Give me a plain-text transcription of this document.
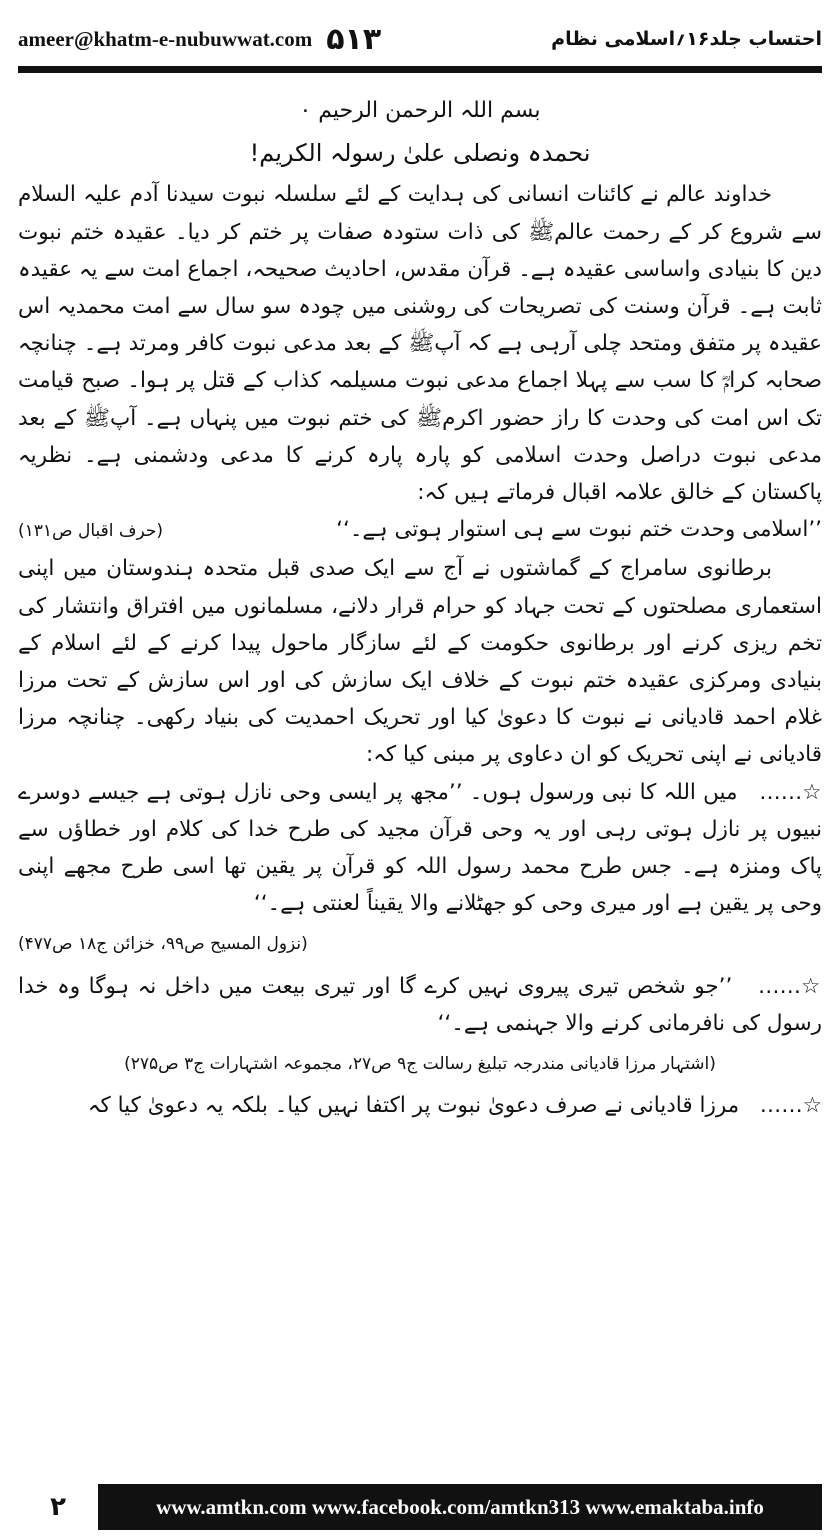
ameer@khatm-e-nubuwwat.com ۵۱۳	احتساب جلد۱۶؍اسلامی نظام

بسم اللہ الرحمن الرحیم ٠

نحمدہ ونصلی علیٰ رسولہ الکریم!

خداوند عالم نے کائنات انسانی کی ہدایت کے لئے سلسلہ نبوت سیدنا آدم علیہ السلام سے شروع کر کے رحمت عالمﷺ کی ذات ستودہ صفات پر ختم کر دیا۔ عقیدہ ختم نبوت دین کا بنیادی واساسی عقیدہ ہے۔ قرآن مقدس، احادیث صحیحہ، اجماع امت سے یہ عقیدہ ثابت ہے۔ قرآن وسنت کی تصریحات کی روشنی میں چودہ سو سال سے امت محمدیہ اس عقیدہ پر متفق ومتحد چلی آرہی ہے کہ آپﷺ کے بعد مدعی نبوت کافر ومرتد ہے۔ چنانچہ صحابہ کرامؓ کا سب سے پہلا اجماع مدعی نبوت مسیلمہ کذاب کے قتل پر ہوا۔ صبح قیامت تک اس امت کی وحدت کا راز حضور اکرمﷺ کی ختم نبوت میں پنہاں ہے۔ آپﷺ کے بعد مدعی نبوت دراصل وحدت اسلامی کو پارہ پارہ کرنے کا مدعی ودشمنی ہے۔ نظریہ پاکستان کے خالق علامہ اقبال فرماتے ہیں کہ:

’’اسلامی وحدت ختم نبوت سے ہی استوار ہوتی ہے۔‘‘
(حرف اقبال ص۱۳۱)

برطانوی سامراج کے گماشتوں نے آج سے ایک صدی قبل متحدہ ہندوستان میں اپنی استعماری مصلحتوں کے تحت جہاد کو حرام قرار دلانے، مسلمانوں میں افتراق وانتشار کی تخم ریزی کرنے اور برطانوی حکومت کے لئے سازگار ماحول پیدا کرنے کے لئے اسلام کے بنیادی ومرکزی عقیدہ ختم نبوت کے خلاف ایک سازش کی اور اس سازش کے تحت مرزا غلام احمد قادیانی نے نبوت کا دعویٰ کیا اور تحریک احمدیت کی بنیاد رکھی۔ چنانچہ مرزا قادیانی نے اپنی تحریک کو ان دعاوی پر مبنی کیا کہ:

☆……   میں اللہ کا نبی ورسول ہوں۔ ’’مجھ پر ایسی وحی نازل ہوتی ہے جیسے دوسرے نبیوں پر نازل ہوتی رہی اور یہ وحی قرآن مجید کی طرح خدا کی کلام اور خطاؤں سے پاک ومنزہ ہے۔ جس طرح محمد رسول اللہ کو قرآن پر یقین تھا اسی طرح مجھے اپنی وحی پر یقین ہے اور میری وحی کو جھٹلانے والا یقیناً لعنتی ہے۔‘‘

(نزول المسیح ص۹۹، خزائن ج۱۸ ص۴۷۷)

☆……   ’’جو شخص تیری پیروی نہیں کرے گا اور تیری بیعت میں داخل نہ ہوگا وہ خدا رسول کی نافرمانی کرنے والا جہنمی ہے۔‘‘

(اشتہار مرزا قادیانی مندرجہ تبلیغ رسالت ج۹ ص۲۷، مجموعہ اشتہارات ج۳ ص۲۷۵)

☆……   مرزا قادیانی نے صرف دعویٰ نبوت پر اکتفا نہیں کیا۔ بلکہ یہ دعویٰ کیا کہ

۲	www.amtkn.com www.facebook.com/amtkn313 www.emaktaba.info
